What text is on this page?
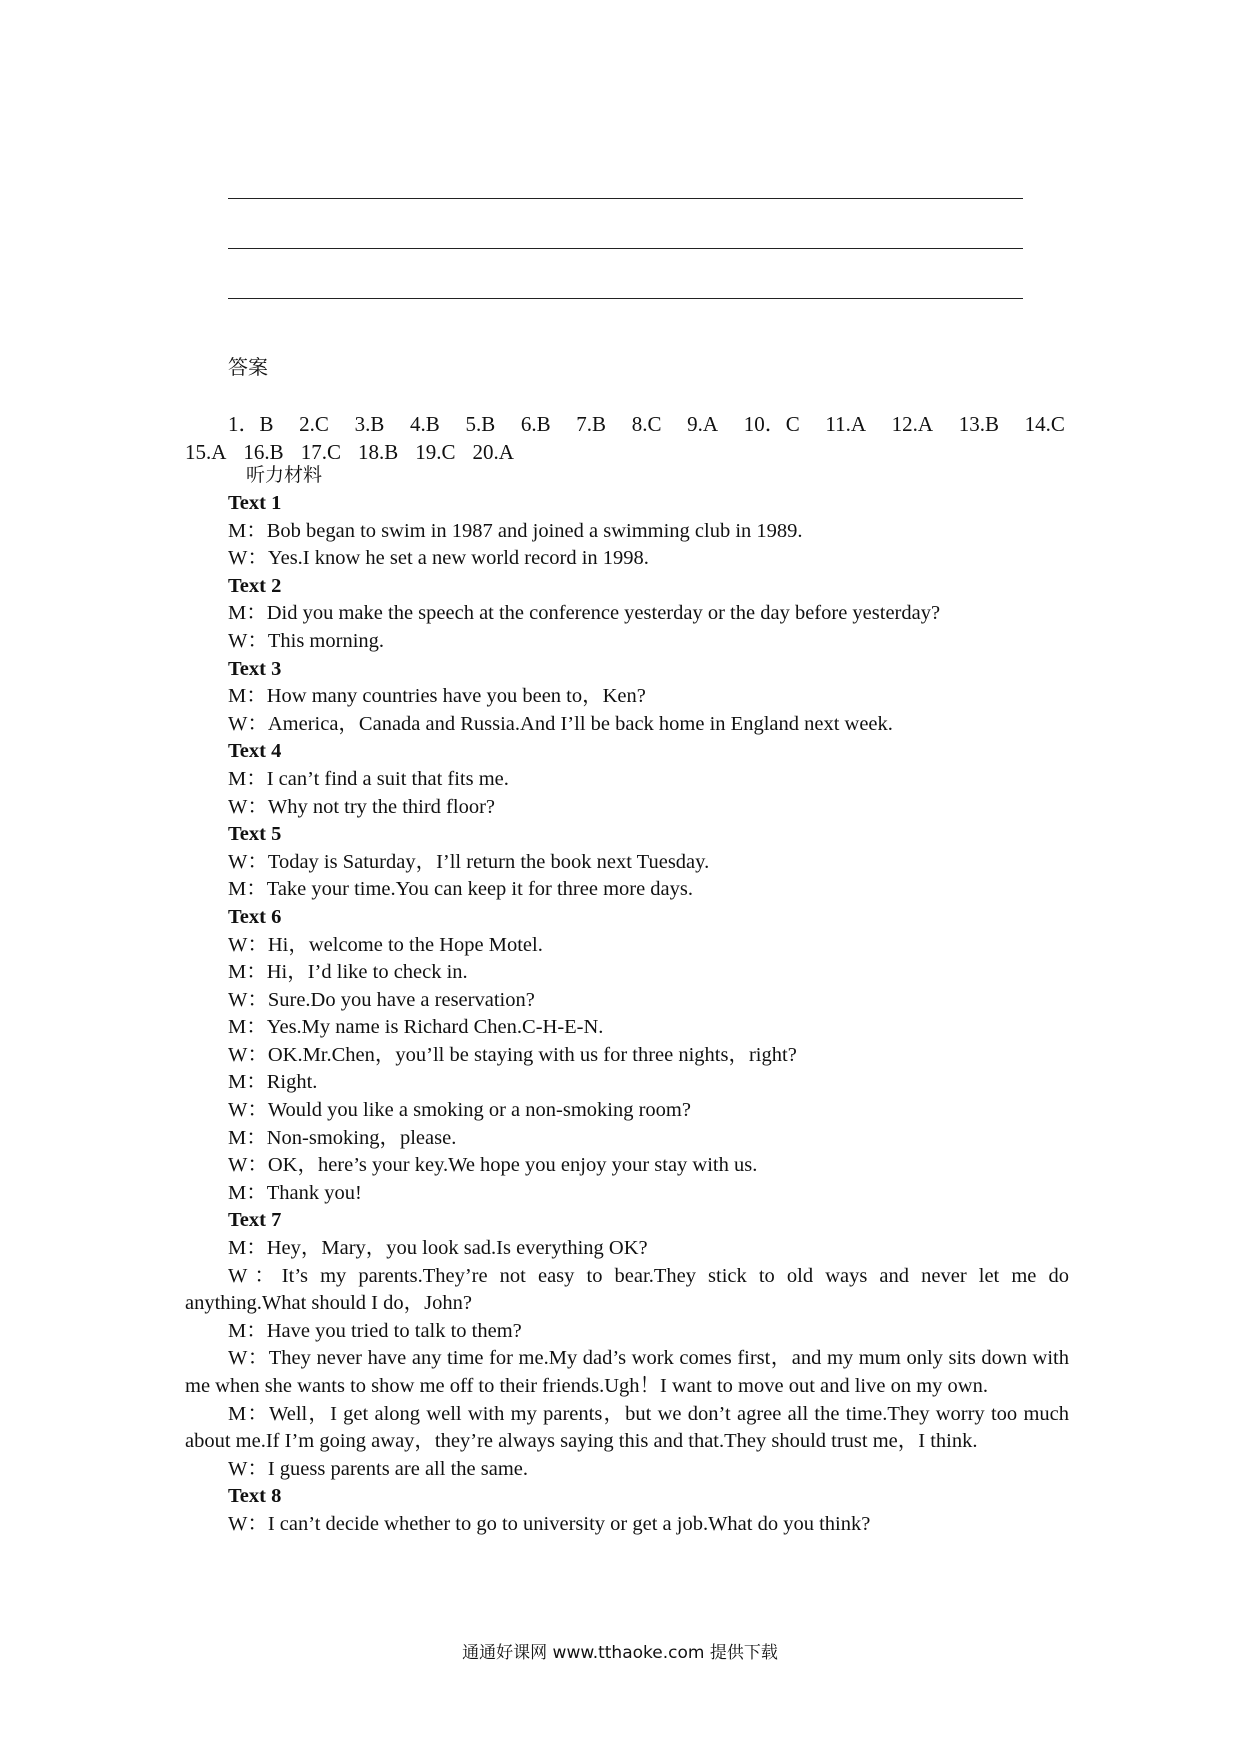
答案
1．B 2.C 3.B 4.B 5.B 6.B 7.B 8.C 9.A 10．C 11.A 12.A 13.B 14.C
15.A 16.B 17.C 18.B 19.C 20.A
听力材料
Text 1
M：Bob began to swim in 1987 and joined a swimming club in 1989.
W：Yes.I know he set a new world record in 1998.
Text 2
M：Did you make the speech at the conference yesterday or the day before yesterday?
W：This morning.
Text 3
M：How many countries have you been to，Ken?
W：America，Canada and Russia.And I’ll be back home in England next week.
Text 4
M：I can’t find a suit that fits me.
W：Why not try the third floor?
Text 5
W：Today is Saturday，I’ll return the book next Tuesday.
M：Take your time.You can keep it for three more days.
Text 6
W：Hi，welcome to the Hope Motel.
M：Hi，I’d like to check in.
W：Sure.Do you have a reservation?
M：Yes.My name is Richard Chen.C-H-E-N.
W：OK.Mr.Chen，you’ll be staying with us for three nights，right?
M：Right.
W：Would you like a smoking or a non-smoking room?
M：Non-smoking，please.
W：OK，here’s your key.We hope you enjoy your stay with us.
M：Thank you!
Text 7
M：Hey，Mary，you look sad.Is everything OK?
W：It’s my parents.They’re not easy to bear.They stick to old ways and never let me do anything.What should I do，John?
M：Have you tried to talk to them?
W：They never have any time for me.My dad’s work comes first，and my mum only sits down with me when she wants to show me off to their friends.Ugh！I want to move out and live on my own.
M：Well，I get along well with my parents，but we don’t agree all the time.They worry too much about me.If I’m going away，they’re always saying this and that.They should trust me，I think.
W：I guess parents are all the same.
Text 8
W：I can’t decide whether to go to university or get a job.What do you think?
通通好课网 www.tthaoke.com 提供下载
